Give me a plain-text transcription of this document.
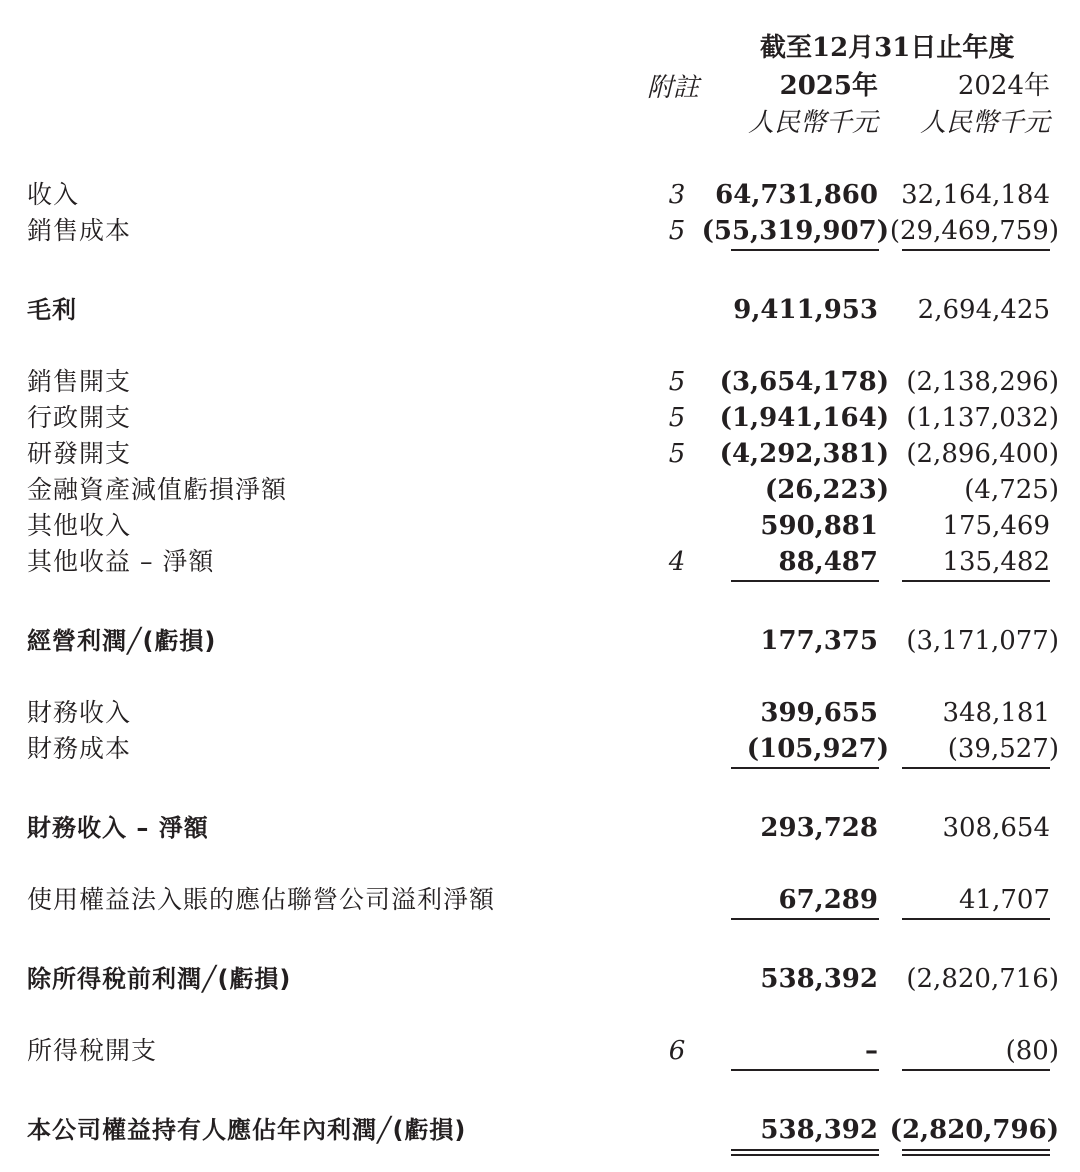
截至12月31日止年度
附註	2025年	2024年
人民幣千元 人民幣千元
收入	3 64,731,860 32,164,184
銷售成本	5 (55,319,907) (29,469,759)
毛利	9,411,953 2,694,425
銷售開支	5 (3,654,178) (2,138,296)
行政開支	5 (1,941,164) (1,137,032)
研發開支	5 (4,292,381) (2,896,400)
金融資產減值虧損淨額	(26,223)	(4,725)
其他收入	590,881 175,469
其他收益 – 淨額	4	88,487 135,482
經營利潤╱(虧損)	177,375 (3,171,077)
財務收入	399,655 348,181
財務成本	(105,927) (39,527)
財務收入 – 淨額	293,728 308,654
使用權益法入賬的應佔聯營公司溢利淨額	67,289	41,707
除所得稅前利潤╱(虧損)	538,392 (2,820,716)
所得稅開支	6	–	(80)
本公司權益持有人應佔年內利潤╱(虧損)	538,392 (2,820,796)
